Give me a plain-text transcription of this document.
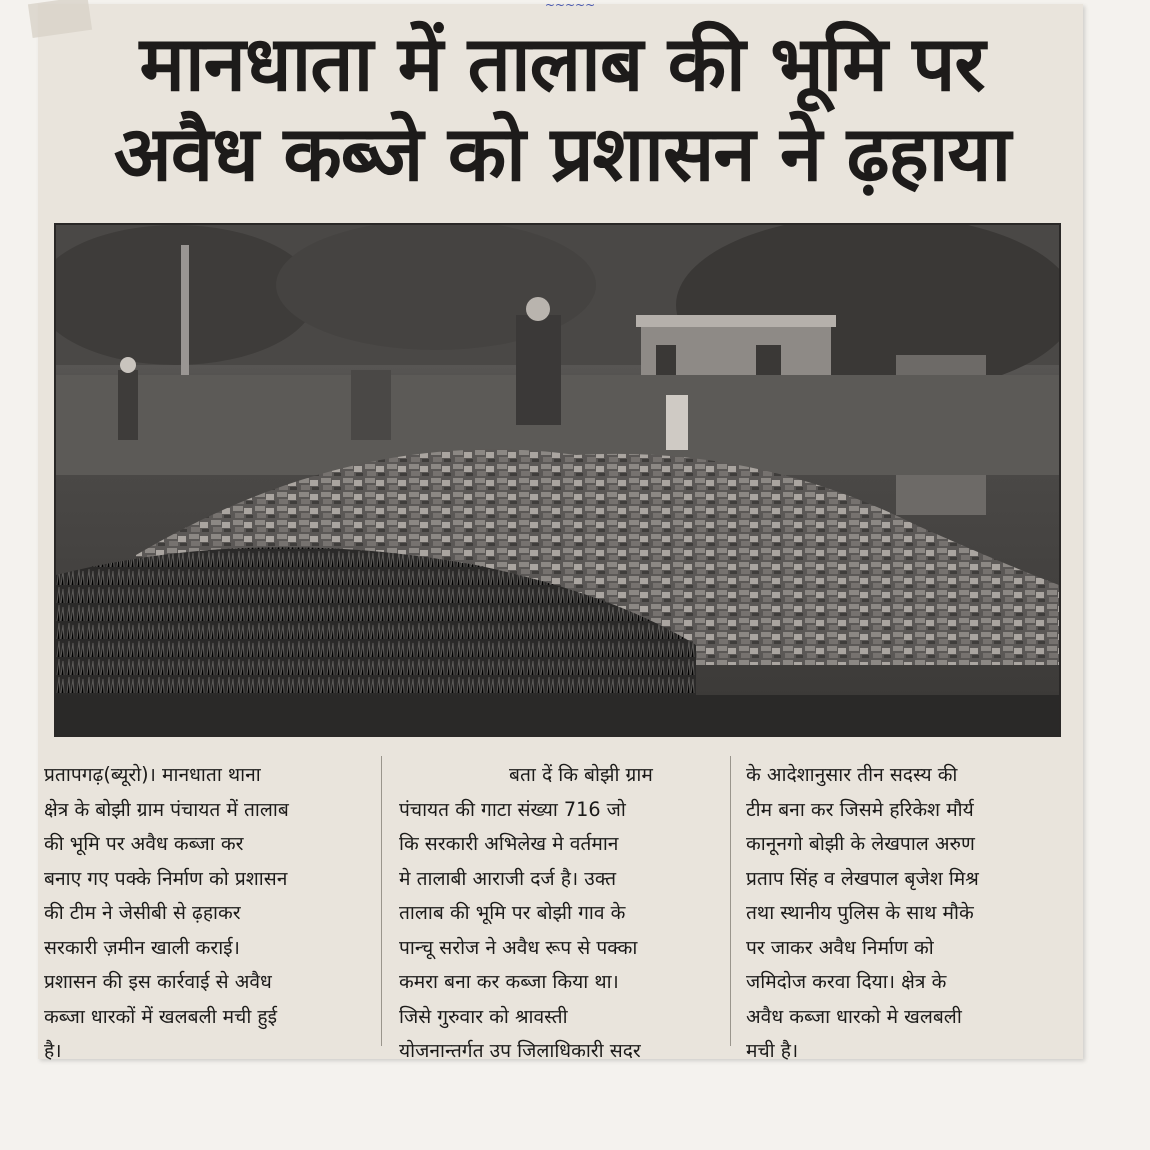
~~~~~
मानधाता में तालाब की भूमि पर
अवैध कब्जे को प्रशासन ने ढ़हाया
प्रतापगढ़(ब्यूरो)। मानधाता थाना
क्षेत्र के बोझी ग्राम पंचायत में तालाब
की भूमि पर अवैध कब्जा कर
बनाए गए पक्के निर्माण को प्रशासन
की टीम ने जेसीबी से ढ़हाकर
सरकारी ज़मीन खाली कराई।
प्रशासन की इस कार्रवाई से अवैध
कब्जा धारकों में खलबली मची हुई
है।
बता दें कि बोझी ग्राम
पंचायत की गाटा संख्या 716 जो
कि सरकारी अभिलेख मे वर्तमान
मे तालाबी आराजी दर्ज है। उक्त
तालाब की भूमि पर बोझी गाव के
पान्चू सरोज ने अवैध रूप से पक्का
कमरा बना कर कब्जा किया था।
जिसे गुरुवार को श्रावस्ती
योजनान्तर्गत उप जिलाधिकारी सदर
के आदेशानुसार तीन सदस्य की
टीम बना कर जिसमे हरिकेश मौर्य
कानूनगो बोझी के लेखपाल अरुण
प्रताप सिंह व लेखपाल बृजेश मिश्र
तथा स्थानीय पुलिस के साथ मौके
पर जाकर अवैध निर्माण को
जमिदोज करवा दिया। क्षेत्र के
अवैध कब्जा धारको मे खलबली
मची है।
